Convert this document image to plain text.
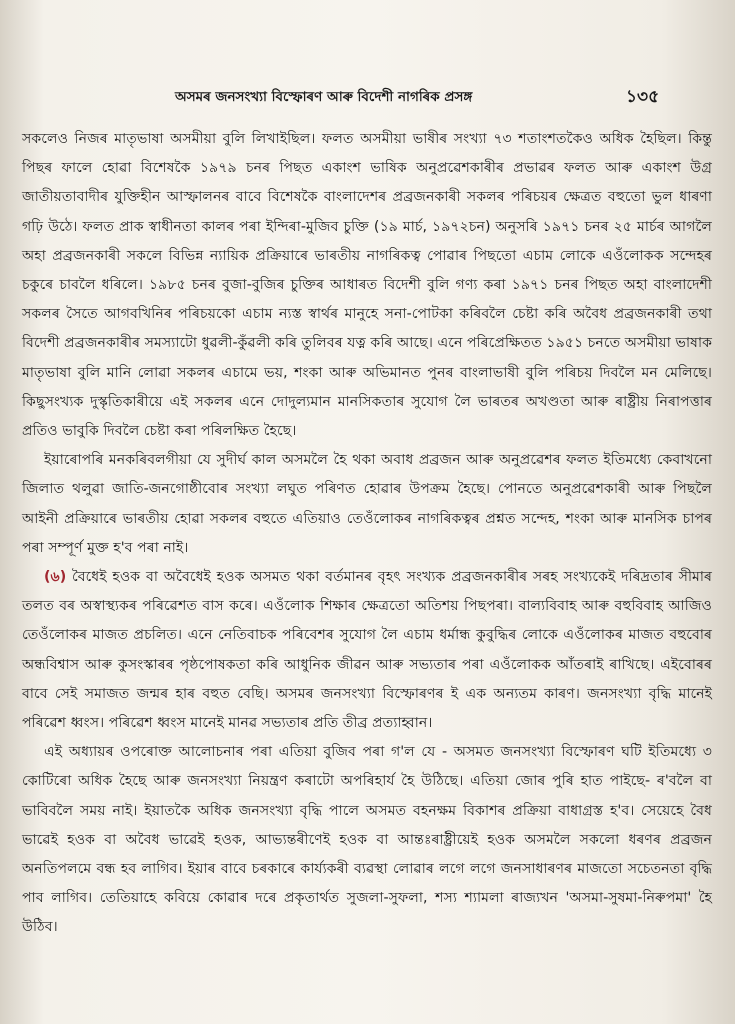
অসমৰ জনসংখ্যা বিস্ফোৰণ আৰু বিদেশী নাগৰিক প্ৰসঙ্গ	১৩৫

সকলেও নিজৰ মাতৃভাষা অসমীয়া বুলি লিখাইছিল। ফলত অসমীয়া ভাষীৰ সংখ্যা ৭৩ শতাংশতকৈও অধিক হৈছিল। কিন্তু পিছৰ ফালে হোৱা বিশেষকৈ ১৯৭৯ চনৰ পিছত একাংশ ভাষিক অনুপ্ৰৱেশকাৰীৰ প্ৰভাৱৰ ফলত আৰু একাংশ উগ্ৰ জাতীয়তাবাদীৰ যুক্তিহীন আস্ফালনৰ বাবে বিশেষকৈ বাংলাদেশৰ প্ৰব্ৰজনকাৰী সকলৰ পৰিচয়ৰ ক্ষেত্ৰত বহুতো ভুল ধাৰণা গঢ়ি উঠে। ফলত প্ৰাক স্বাধীনতা কালৰ পৰা ইন্দিৰা-মুজিব চুক্তি (১৯ মাৰ্চ, ১৯৭২চন) অনুসৰি ১৯৭১ চনৰ ২৫ মাৰ্চৰ আগলৈ অহা প্ৰব্ৰজনকাৰী সকলে বিভিন্ন ন্যায়িক প্ৰক্ৰিয়াৰে ভাৰতীয় নাগৰিকত্ব পোৱাৰ পিছতো এচাম লোকে এওঁলোকক সন্দেহৰ চকুৰে চাবলৈ ধৰিলে। ১৯৮৫ চনৰ বুজা-বুজিৰ চুক্তিৰ আধাৰত বিদেশী বুলি গণ্য কৰা ১৯৭১ চনৰ পিছত অহা বাংলাদেশী সকলৰ সৈতে আগবখিনিৰ পৰিচয়কো এচাম ন্যস্ত স্বাৰ্থৰ মানুহে সনা-পোটকা কৰিবলৈ চেষ্টা কৰি অবৈধ প্ৰব্ৰজনকাৰী তথা বিদেশী প্ৰব্ৰজনকাৰীৰ সমস্যাটো ধুৱলী-কুঁৱলী কৰি তুলিবৰ যত্ন কৰি আছে। এনে পৰিপ্ৰেক্ষিতত ১৯৫১ চনতে অসমীয়া ভাষাক মাতৃভাষা বুলি মানি লোৱা সকলৰ এচামে ভয়, শংকা আৰু অভিমানত পুনৰ বাংলাভাষী বুলি পৰিচয় দিবলৈ মন মেলিছে। কিছুসংখ্যক দুস্কৃতিকাৰীয়ে এই সকলৰ এনে দোদুল্যমান মানসিকতাৰ সুযোগ লৈ ভাৰতৰ অখণ্ডতা আৰু ৰাষ্ট্ৰীয় নিৰাপত্তাৰ প্ৰতিও ভাবুকি দিবলৈ চেষ্টা কৰা পৰিলক্ষিত হৈছে।

ইয়াৰোপৰি মনকৰিবলগীয়া যে সুদীৰ্ঘ কাল অসমলৈ হৈ থকা অবাধ প্ৰব্ৰজন আৰু অনুপ্ৰৱেশৰ ফলত ইতিমধ্যে কেবাখনো জিলাত থলুৱা জাতি-জনগোষ্ঠীবোৰ সংখ্যা লঘুত পৰিণত হোৱাৰ উপক্ৰম হৈছে। পোনতে অনুপ্ৰৱেশকাৰী আৰু পিছলৈ আইনী প্ৰক্ৰিয়াৰে ভাৰতীয় হোৱা সকলৰ বহুতে এতিয়াও তেওঁলোকৰ নাগৰিকত্বৰ প্ৰশ্নত সন্দেহ, শংকা আৰু মানসিক চাপৰ পৰা সম্পূৰ্ণ মুক্ত হ'ব পৰা নাই।

(৬) বৈধেই হওক বা অবৈধেই হওক অসমত থকা বৰ্তমানৰ বৃহৎ সংখ্যক প্ৰব্ৰজনকাৰীৰ সৰহ সংখ্যকেই দৰিদ্ৰতাৰ সীমাৰ তলত বৰ অস্বাস্থ্যকৰ পৰিৱেশত বাস কৰে। এওঁলোক শিক্ষাৰ ক্ষেত্ৰতো অতিশয় পিছপৰা। বাল্যবিবাহ আৰু বহুবিবাহ আজিও তেওঁলোকৰ মাজত প্ৰচলিত। এনে নেতিবাচক পৰিবেশৰ সুযোগ লৈ এচাম ধৰ্মান্ধ কুবুদ্ধিৰ লোকে এওঁলোকৰ মাজত বহুবোৰ অন্ধবিশ্বাস আৰু কুসংস্কাৰৰ পৃষ্ঠপোষকতা কৰি আধুনিক জীৱন আৰু সভ্যতাৰ পৰা এওঁলোকক আঁতৰাই ৰাখিছে। এইবোৰৰ বাবে সেই সমাজত জন্মৰ হাৰ বহুত বেছি। অসমৰ জনসংখ্যা বিস্ফোৰণৰ ই এক অন্যতম কাৰণ। জনসংখ্যা বৃদ্ধি মানেই পৰিৱেশ ধ্বংস। পৰিৱেশ ধ্বংস মানেই মানৱ সভ্যতাৰ প্ৰতি তীব্ৰ প্ৰত্যাহ্বান।

এই অধ্যায়ৰ ওপৰোক্ত আলোচনাৰ পৰা এতিয়া বুজিব পৰা গ'ল যে - অসমত জনসংখ্যা বিস্ফোৰণ ঘটি ইতিমধ্যে ৩ কোটিৰো অধিক হৈছে আৰু জনসংখ্যা নিয়ন্ত্ৰণ কৰাটো অপৰিহাৰ্য হৈ উঠিছে। এতিয়া জোৰ পুৰি হাত পাইছে- ৰ'বলৈ বা ভাবিবলৈ সময় নাই। ইয়াতকৈ অধিক জনসংখ্যা বৃদ্ধি পালে অসমত বহনক্ষম বিকাশৰ প্ৰক্ৰিয়া বাধাগ্ৰস্ত হ'ব। সেয়েহে বৈধ ভাৱেই হওক বা অবৈধ ভাৱেই হওক, আভ্যন্তৰীণেই হওক বা আন্তঃৰাষ্ট্ৰীয়েই হওক অসমলৈ সকলো ধৰণৰ প্ৰব্ৰজন অনতিপলমে বন্ধ হব লাগিব। ইয়াৰ বাবে চৰকাৰে কাৰ্য্যকৰী ব্যৱস্থা লোৱাৰ লগে লগে জনসাধাৰণৰ মাজতো সচেতনতা বৃদ্ধি পাব লাগিব। তেতিয়াহে কবিয়ে কোৱাৰ দৰে প্ৰকৃতাৰ্থত সুজলা-সুফলা, শস্য শ্যামলা ৰাজ্যখন 'অসমা-সুষমা-নিৰুপমা' হৈ উঠিব।
